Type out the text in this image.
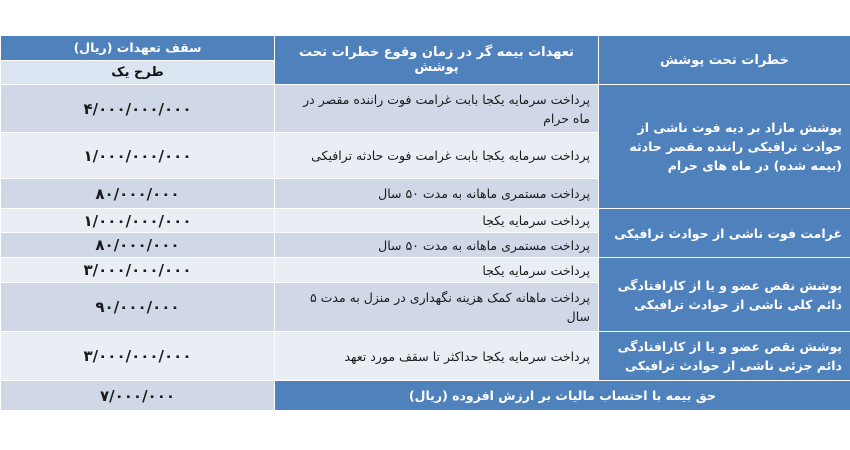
خطرات تحت پوشش	تعهدات بیمه گر در زمان وقوع خطرات تحت پوشش	سقف تعهدات (ریال)
		طرح یک
پوشش مازاد بر دیه فوت ناشی از حوادث ترافیکی راننده مقصر حادثه (بیمه شده) در ماه های حرام	پرداخت سرمایه یکجا بابت غرامت فوت راننده مقصر در ماه حرام	۴/۰۰۰/۰۰۰/۰۰۰
	پرداخت سرمایه یکجا بابت غرامت فوت حادثه ترافیکی	۱/۰۰۰/۰۰۰/۰۰۰
	پرداخت مستمری ماهانه به مدت ۵۰ سال	۸۰/۰۰۰/۰۰۰
غرامت فوت ناشی از حوادث ترافیکی	پرداخت سرمایه یکجا	۱/۰۰۰/۰۰۰/۰۰۰
	پرداخت مستمری ماهانه به مدت ۵۰ سال	۸۰/۰۰۰/۰۰۰
پوشش نقص عضو و یا از کارافتادگی دائم کلی ناشی از حوادث ترافیکی	پرداخت سرمایه یکجا	۳/۰۰۰/۰۰۰/۰۰۰
	پرداخت ماهانه کمک هزینه نگهداری در منزل به مدت ۵ سال	۹۰/۰۰۰/۰۰۰
پوشش نقص عضو و یا از کارافتادگی دائم جزئی ناشی از حوادث ترافیکی	پرداخت سرمایه یکجا حداکثر تا سقف مورد تعهد	۳/۰۰۰/۰۰۰/۰۰۰
حق بیمه با احتساب مالیات بر ارزش افزوده (ریال)		۷/۰۰۰/۰۰۰
